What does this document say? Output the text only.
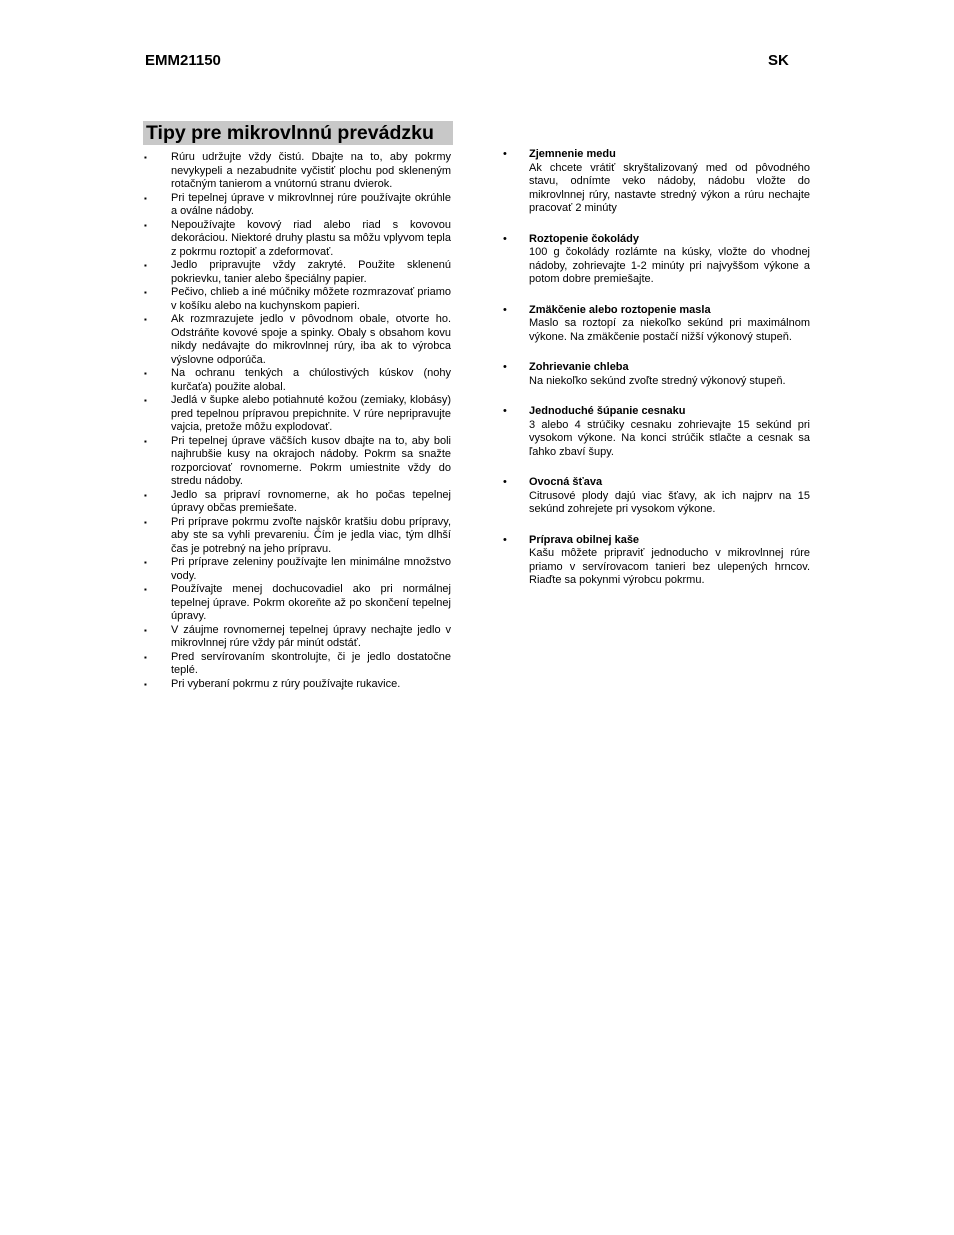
EMM21150	SK
Tipy pre mikrovlnnú prevádzku
▪ Rúru udržujte vždy čistú. Dbajte na to, aby pokrmy nevykypeli a nezabudnite vyčistiť plochu pod skleneným rotačným tanierom a vnútornú stranu dvierok.
▪ Pri tepelnej úprave v mikrovlnnej rúre používajte okrúhle a oválne nádoby.
▪ Nepoužívajte kovový riad alebo riad s kovovou dekoráciou. Niektoré druhy plastu sa môžu vplyvom tepla z pokrmu roztopiť a zdeformovať.
▪ Jedlo pripravujte vždy zakryté. Použite sklenenú pokrievku, tanier alebo špeciálny papier.
▪ Pečivo, chlieb a iné múčniky môžete rozmrazovať priamo v košíku alebo na kuchynskom papieri.
▪ Ak rozmrazujete jedlo v pôvodnom obale, otvorte ho. Odstráňte kovové spoje a spinky. Obaly s obsahom kovu nikdy nedávajte do mikrovlnnej rúry, iba ak to výrobca výslovne odporúča.
▪ Na ochranu tenkých a chúlostivých kúskov (nohy kurčaťa) použite alobal.
▪ Jedlá v šupke alebo potiahnuté kožou (zemiaky, klobásy) pred tepelnou prípravou prepichnite. V rúre nepripravujte vajcia, pretože môžu explodovať.
▪ Pri tepelnej úprave väčších kusov dbajte na to, aby boli najhrubšie kusy na okrajoch nádoby. Pokrm sa snažte rozporciovať rovnomerne. Pokrm umiestnite vždy do stredu nádoby.
▪ Jedlo sa pripraví rovnomerne, ak ho počas tepelnej úpravy občas premiešate.
▪ Pri príprave pokrmu zvoľte najskôr kratšiu dobu prípravy, aby ste sa vyhli prevareniu. Čím je jedla viac, tým dlhší čas je potrebný na jeho prípravu.
▪ Pri príprave zeleniny používajte len minimálne množstvo vody.
▪ Používajte menej dochucovadiel ako pri normálnej tepelnej úprave. Pokrm okoreňte až po skončení tepelnej úpravy.
▪ V záujme rovnomernej tepelnej úpravy nechajte jedlo v mikrovlnnej rúre vždy pár minút odstáť.
▪ Pred servírovaním skontrolujte, či je jedlo dostatočne teplé.
▪ Pri vyberaní pokrmu z rúry používajte rukavice.
• Zjemnenie medu
Ak chcete vrátiť skryštalizovaný med od pôvodného stavu, odnímte veko nádoby, nádobu vložte do mikrovlnnej rúry, nastavte stredný výkon a rúru nechajte pracovať 2 minúty
• Roztopenie čokolády
100 g čokolády rozlámte na kúsky, vložte do vhodnej nádoby, zohrievajte 1-2 minúty pri najvyššom výkone a potom dobre premiešajte.
• Zmäkčenie alebo roztopenie masla
Maslo sa roztopí za niekoľko sekúnd pri maximálnom výkone. Na zmäkčenie postačí nižší výkonový stupeň.
• Zohrievanie chleba
Na niekoľko sekúnd zvoľte stredný výkonový stupeň.
• Jednoduché šúpanie cesnaku
3 alebo 4 strúčiky cesnaku zohrievajte 15 sekúnd pri vysokom výkone. Na konci strúčik stlačte a cesnak sa ľahko zbaví šupy.
• Ovocná šťava
Citrusové plody dajú viac šťavy, ak ich najprv na 15 sekúnd zohrejete pri vysokom výkone.
• Príprava obilnej kaše
Kašu môžete pripraviť jednoducho v mikrovlnnej rúre priamo v servírovacom tanieri bez ulepených hrncov. Riaďte sa pokynmi výrobcu pokrmu.
